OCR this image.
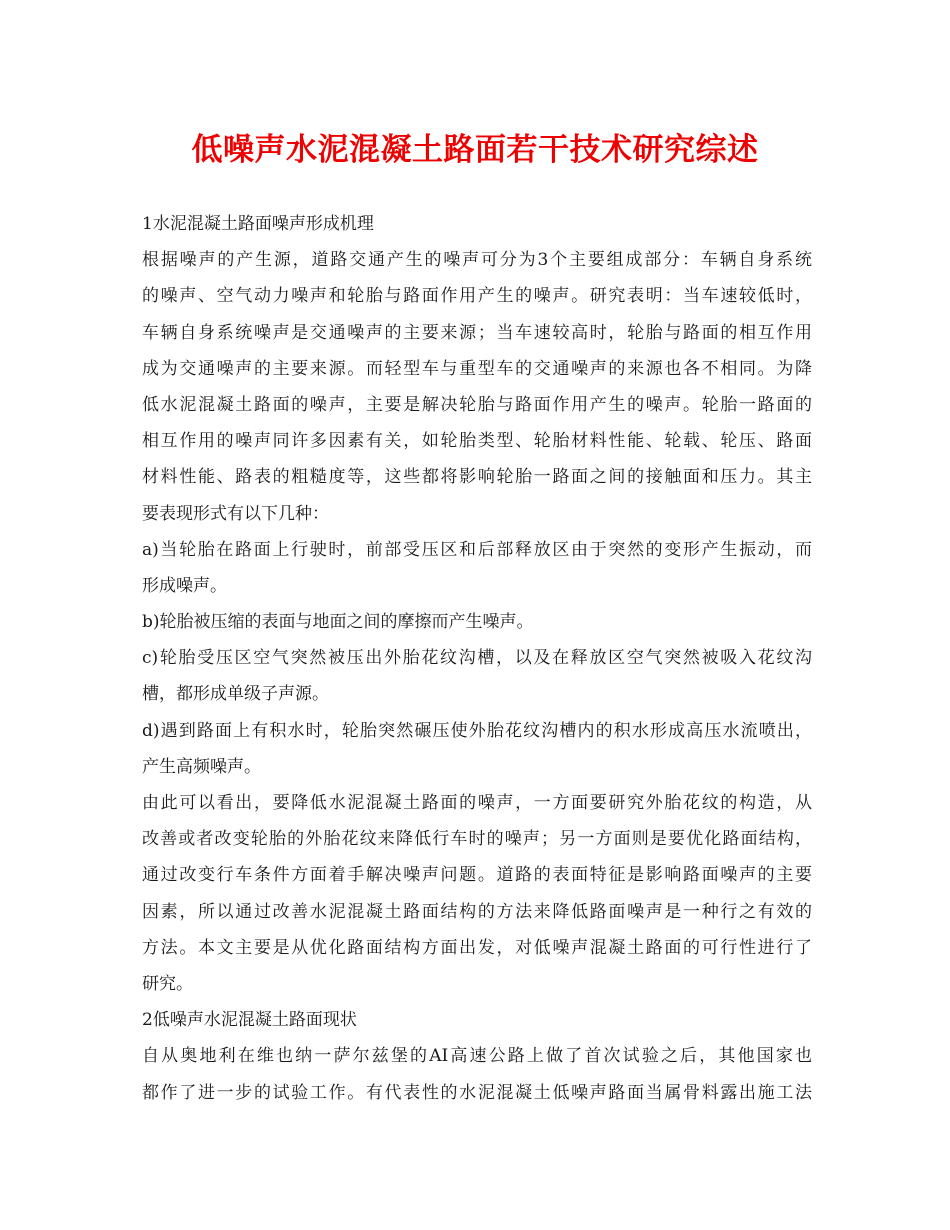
低噪声水泥混凝土路面若干技术研究综述
1水泥混凝土路面噪声形成机理
根据噪声的产生源，道路交通产生的噪声可分为3个主要组成部分：车辆自身系统
的噪声、空气动力噪声和轮胎与路面作用产生的噪声。研究表明：当车速较低时，
车辆自身系统噪声是交通噪声的主要来源；当车速较高时，轮胎与路面的相互作用
成为交通噪声的主要来源。而轻型车与重型车的交通噪声的来源也各不相同。为降
低水泥混凝土路面的噪声，主要是解决轮胎与路面作用产生的噪声。轮胎一路面的
相互作用的噪声同许多因素有关，如轮胎类型、轮胎材料性能、轮载、轮压、路面
材料性能、路表的粗糙度等，这些都将影响轮胎一路面之间的接触面和压力。其主
要表现形式有以下几种：
a)当轮胎在路面上行驶时，前部受压区和后部释放区由于突然的变形产生振动，而
形成噪声。
b)轮胎被压缩的表面与地面之间的摩擦而产生噪声。
c)轮胎受压区空气突然被压出外胎花纹沟槽，以及在释放区空气突然被吸入花纹沟
槽，都形成单级子声源。
d)遇到路面上有积水时，轮胎突然碾压使外胎花纹沟槽内的积水形成高压水流喷出，
产生高频噪声。
由此可以看出，要降低水泥混凝土路面的噪声，一方面要研究外胎花纹的构造，从
改善或者改变轮胎的外胎花纹来降低行车时的噪声；另一方面则是要优化路面结构，
通过改变行车条件方面着手解决噪声问题。道路的表面特征是影响路面噪声的主要
因素，所以通过改善水泥混凝土路面结构的方法来降低路面噪声是一种行之有效的
方法。本文主要是从优化路面结构方面出发，对低噪声混凝土路面的可行性进行了
研究。
2低噪声水泥混凝土路面现状
自从奥地利在维也纳一萨尔兹堡的AI高速公路上做了首次试验之后，其他国家也
都作了进一步的试验工作。有代表性的水泥混凝土低噪声路面当属骨料露出施工法
